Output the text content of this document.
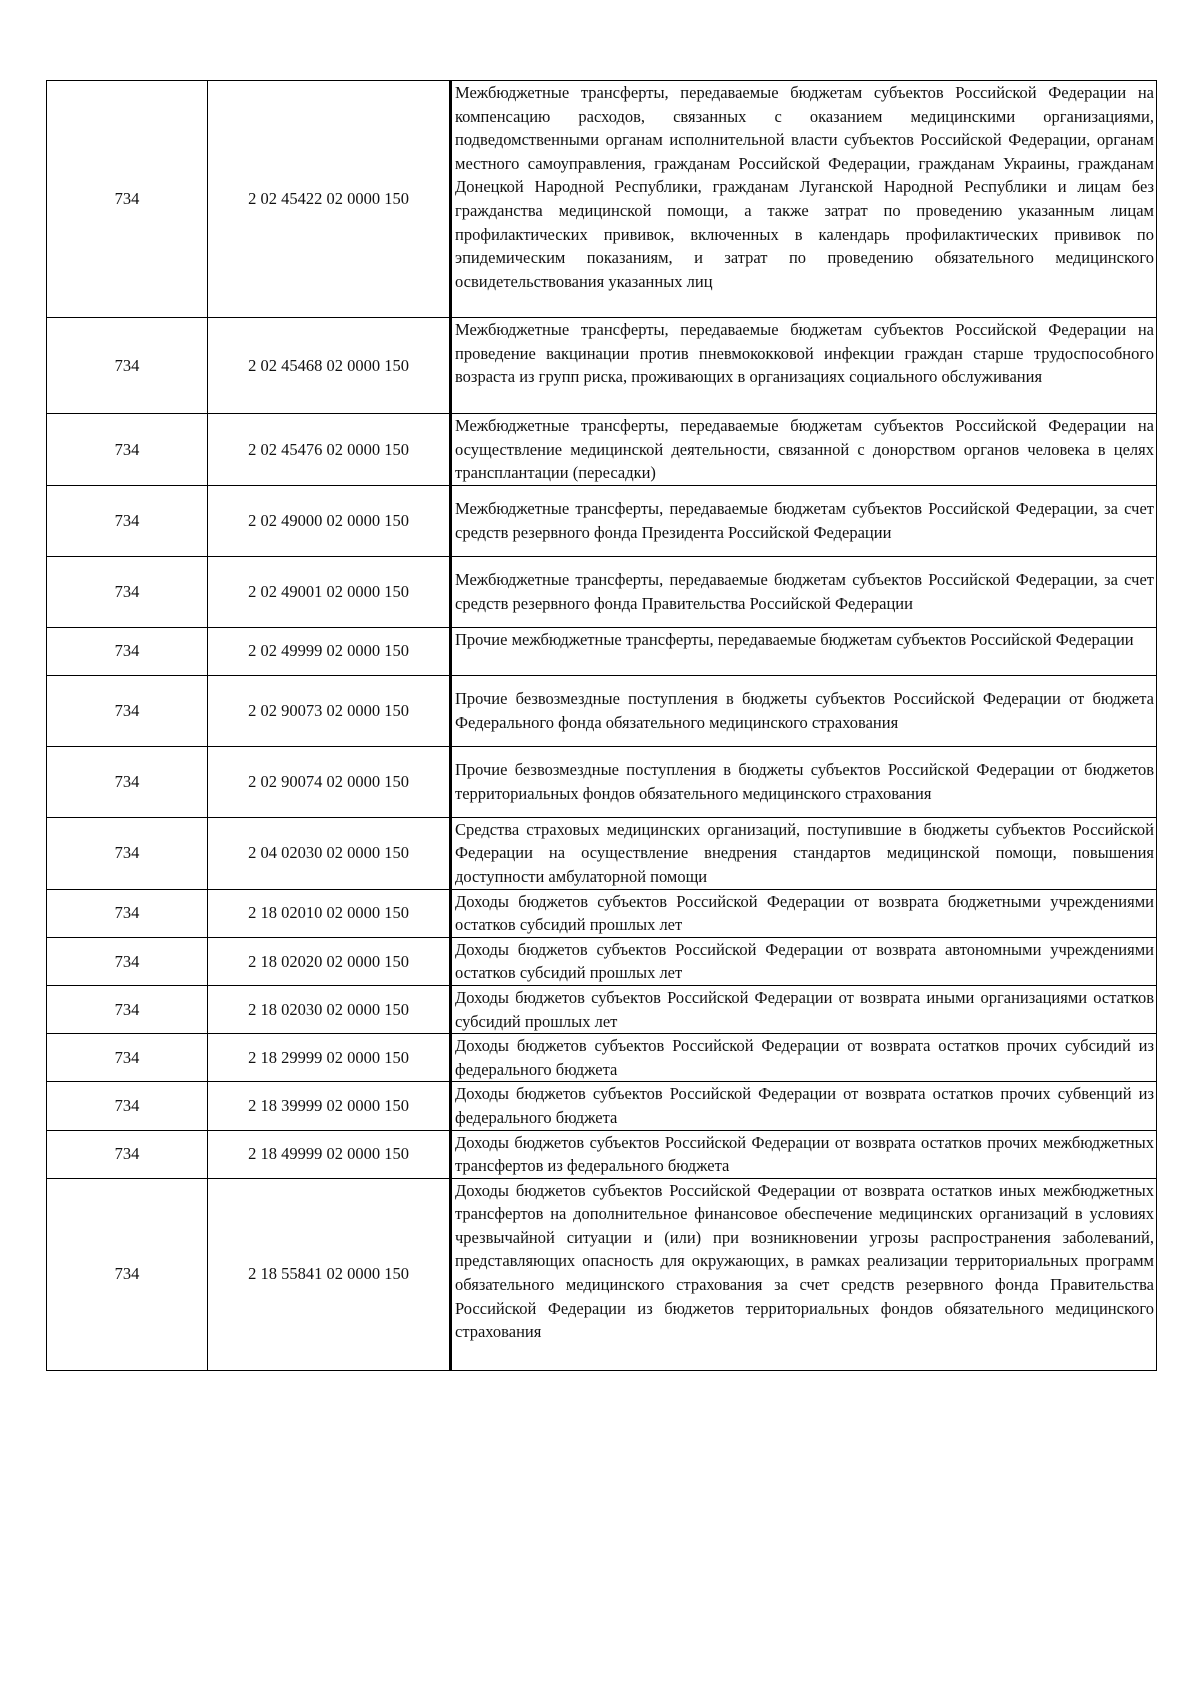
734	2 02 45422 02 0000 150	Межбюджетные трансферты, передаваемые бюджетам субъектов Российской Федерации на компенсацию расходов, связанных с оказанием медицинскими организациями, подведомственными органам исполнительной власти субъектов Российской Федерации, органам местного самоуправления, гражданам Российской Федерации, гражданам Украины, гражданам Донецкой Народной Республики, гражданам Луганской Народной Республики и лицам без гражданства медицинской помощи, а также затрат по проведению указанным лицам профилактических прививок, включенных в календарь профилактических прививок по эпидемическим показаниям, и затрат по проведению обязательного медицинского освидетельствования указанных лиц
734	2 02 45468 02 0000 150	Межбюджетные трансферты, передаваемые бюджетам субъектов Российской Федерации на проведение вакцинации против пневмококковой инфекции граждан старше трудоспособного возраста из групп риска, проживающих в организациях социального обслуживания
734	2 02 45476 02 0000 150	Межбюджетные трансферты, передаваемые бюджетам субъектов Российской Федерации на осуществление медицинской деятельности, связанной с донорством органов человека в целях трансплантации (пересадки)
734	2 02 49000 02 0000 150	Межбюджетные трансферты, передаваемые бюджетам субъектов Российской Федерации, за счет средств резервного фонда Президента Российской Федерации
734	2 02 49001 02 0000 150	Межбюджетные трансферты, передаваемые бюджетам субъектов Российской Федерации, за счет средств резервного фонда Правительства Российской Федерации
734	2 02 49999 02 0000 150	Прочие межбюджетные трансферты, передаваемые бюджетам субъектов Российской Федерации
734	2 02 90073 02 0000 150	Прочие безвозмездные поступления в бюджеты субъектов Российской Федерации от бюджета Федерального фонда обязательного медицинского страхования
734	2 02 90074 02 0000 150	Прочие безвозмездные поступления в бюджеты субъектов Российской Федерации от бюджетов территориальных фондов обязательного медицинского страхования
734	2 04 02030 02 0000 150	Средства страховых медицинских организаций, поступившие в бюджеты субъектов Российской Федерации на осуществление внедрения стандартов медицинской помощи, повышения доступности амбулаторной помощи
734	2 18 02010 02 0000 150	Доходы бюджетов субъектов Российской Федерации от возврата бюджетными учреждениями остатков субсидий прошлых лет
734	2 18 02020 02 0000 150	Доходы бюджетов субъектов Российской Федерации от возврата автономными учреждениями остатков субсидий прошлых лет
734	2 18 02030 02 0000 150	Доходы бюджетов субъектов Российской Федерации от возврата иными организациями остатков субсидий прошлых лет
734	2 18 29999 02 0000 150	Доходы бюджетов субъектов Российской Федерации от возврата остатков прочих субсидий из федерального бюджета
734	2 18 39999 02 0000 150	Доходы бюджетов субъектов Российской Федерации от возврата остатков прочих субвенций из федерального бюджета
734	2 18 49999 02 0000 150	Доходы бюджетов субъектов Российской Федерации от возврата остатков прочих межбюджетных трансфертов из федерального бюджета
734	2 18 55841 02 0000 150	Доходы бюджетов субъектов Российской Федерации от возврата остатков иных межбюджетных трансфертов на дополнительное финансовое обеспечение медицинских организаций в условиях чрезвычайной ситуации и (или) при возникновении угрозы распространения заболеваний, представляющих опасность для окружающих, в рамках реализации территориальных программ обязательного медицинского страхования за счет средств резервного фонда Правительства Российской Федерации из бюджетов территориальных фондов обязательного медицинского страхования
